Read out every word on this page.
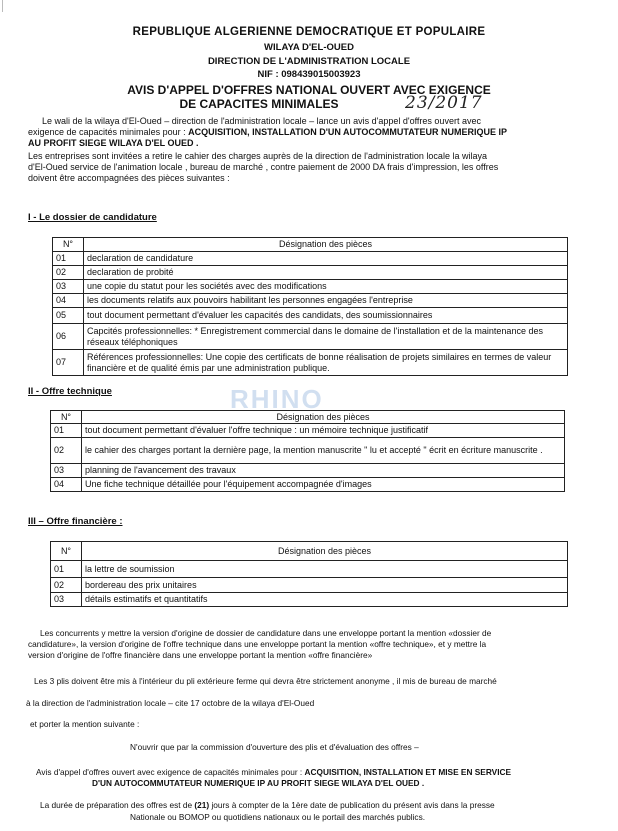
REPUBLIQUE ALGERIENNE DEMOCRATIQUE ET POPULAIRE
WILAYA D'EL-OUED
DIRECTION DE L'ADMINISTRATION LOCALE
NIF : 098439015003923
AVIS D'APPEL D'OFFRES NATIONAL OUVERT AVEC EXIGENCE
DE CAPACITES MINIMALES	23/2017
Le wali de la wilaya d'El-Oued – direction de l'administration locale – lance un avis d'appel d'offres ouvert avec
exigence de capacités minimales pour : ACQUISITION, INSTALLATION D'UN AUTOCOMMUTATEUR NUMERIQUE IP
AU PROFIT SIEGE WILAYA D'EL OUED .
Les entreprises sont invitées a retire le cahier des charges auprès de la direction de l'administration locale la wilaya
d'El-Oued service de l'animation locale , bureau de marché , contre paiement de 2000 DA frais d'impression, les offres
doivent être accompagnées des pièces suivantes :
I - Le dossier de candidature
N°	Désignation des pièces
01	declaration de candidature
02	declaration de probité
03	une copie du statut pour les sociétés avec des modifications
04	les documents relatifs aux pouvoirs habilitant les personnes engagées l'entreprise
05	tout document permettant d'évaluer les capacités des candidats, des soumissionnaires
06	Capcités professionnelles: * Enregistrement commercial dans le domaine de l'installation et de la maintenance des réseaux téléphoniques
07	Références professionnelles: Une copie des certificats de bonne réalisation de projets similaires en termes de valeur financière et de qualité émis par une administration publique.
II - Offre technique	RHINO
N°	Désignation des pièces
01	tout document permettant d'évaluer l'offre technique : un mémoire technique justificatif
02	le cahier des charges portant la dernière page, la mention manuscrite " lu et accepté " écrit en écriture manuscrite .
03	planning de l'avancement des travaux
04	Une fiche technique détaillée pour l'équipement accompagnée d'images
III – Offre financière :
N°	Désignation des pièces
01	la lettre de soumission
02	bordereau des prix unitaires
03	détails estimatifs et quantitatifs
Les concurrents y mettre la version d'origine de dossier de candidature dans une enveloppe portant la mention «dossier de
candidature», la version d'origine de l'offre technique dans une enveloppe portant la mention «offre technique», et y mettre la
version d'origine de l'offre financière dans une enveloppe portant la mention «offre financière»
Les 3 plis doivent être mis à l'intérieur du pli extérieure ferme qui devra être strictement anonyme , il mis de bureau de marché
à la direction de l'administration locale – cite 17 octobre de la wilaya d'El-Oued
et porter la mention suivante :
N'ouvrir que par la commission d'ouverture des plis et d'évaluation des offres –
Avis d'appel d'offres ouvert avec exigence de capacités minimales pour : ACQUISITION, INSTALLATION ET MISE EN SERVICE
D'UN AUTOCOMMUTATEUR NUMERIQUE IP AU PROFIT SIEGE WILAYA D'EL OUED .
La durée de préparation des offres est de (21) jours à compter de la 1ère date de publication du présent avis dans la presse
Nationale ou BOMOP ou quotidiens nationaux ou le portail des marchés publics.
